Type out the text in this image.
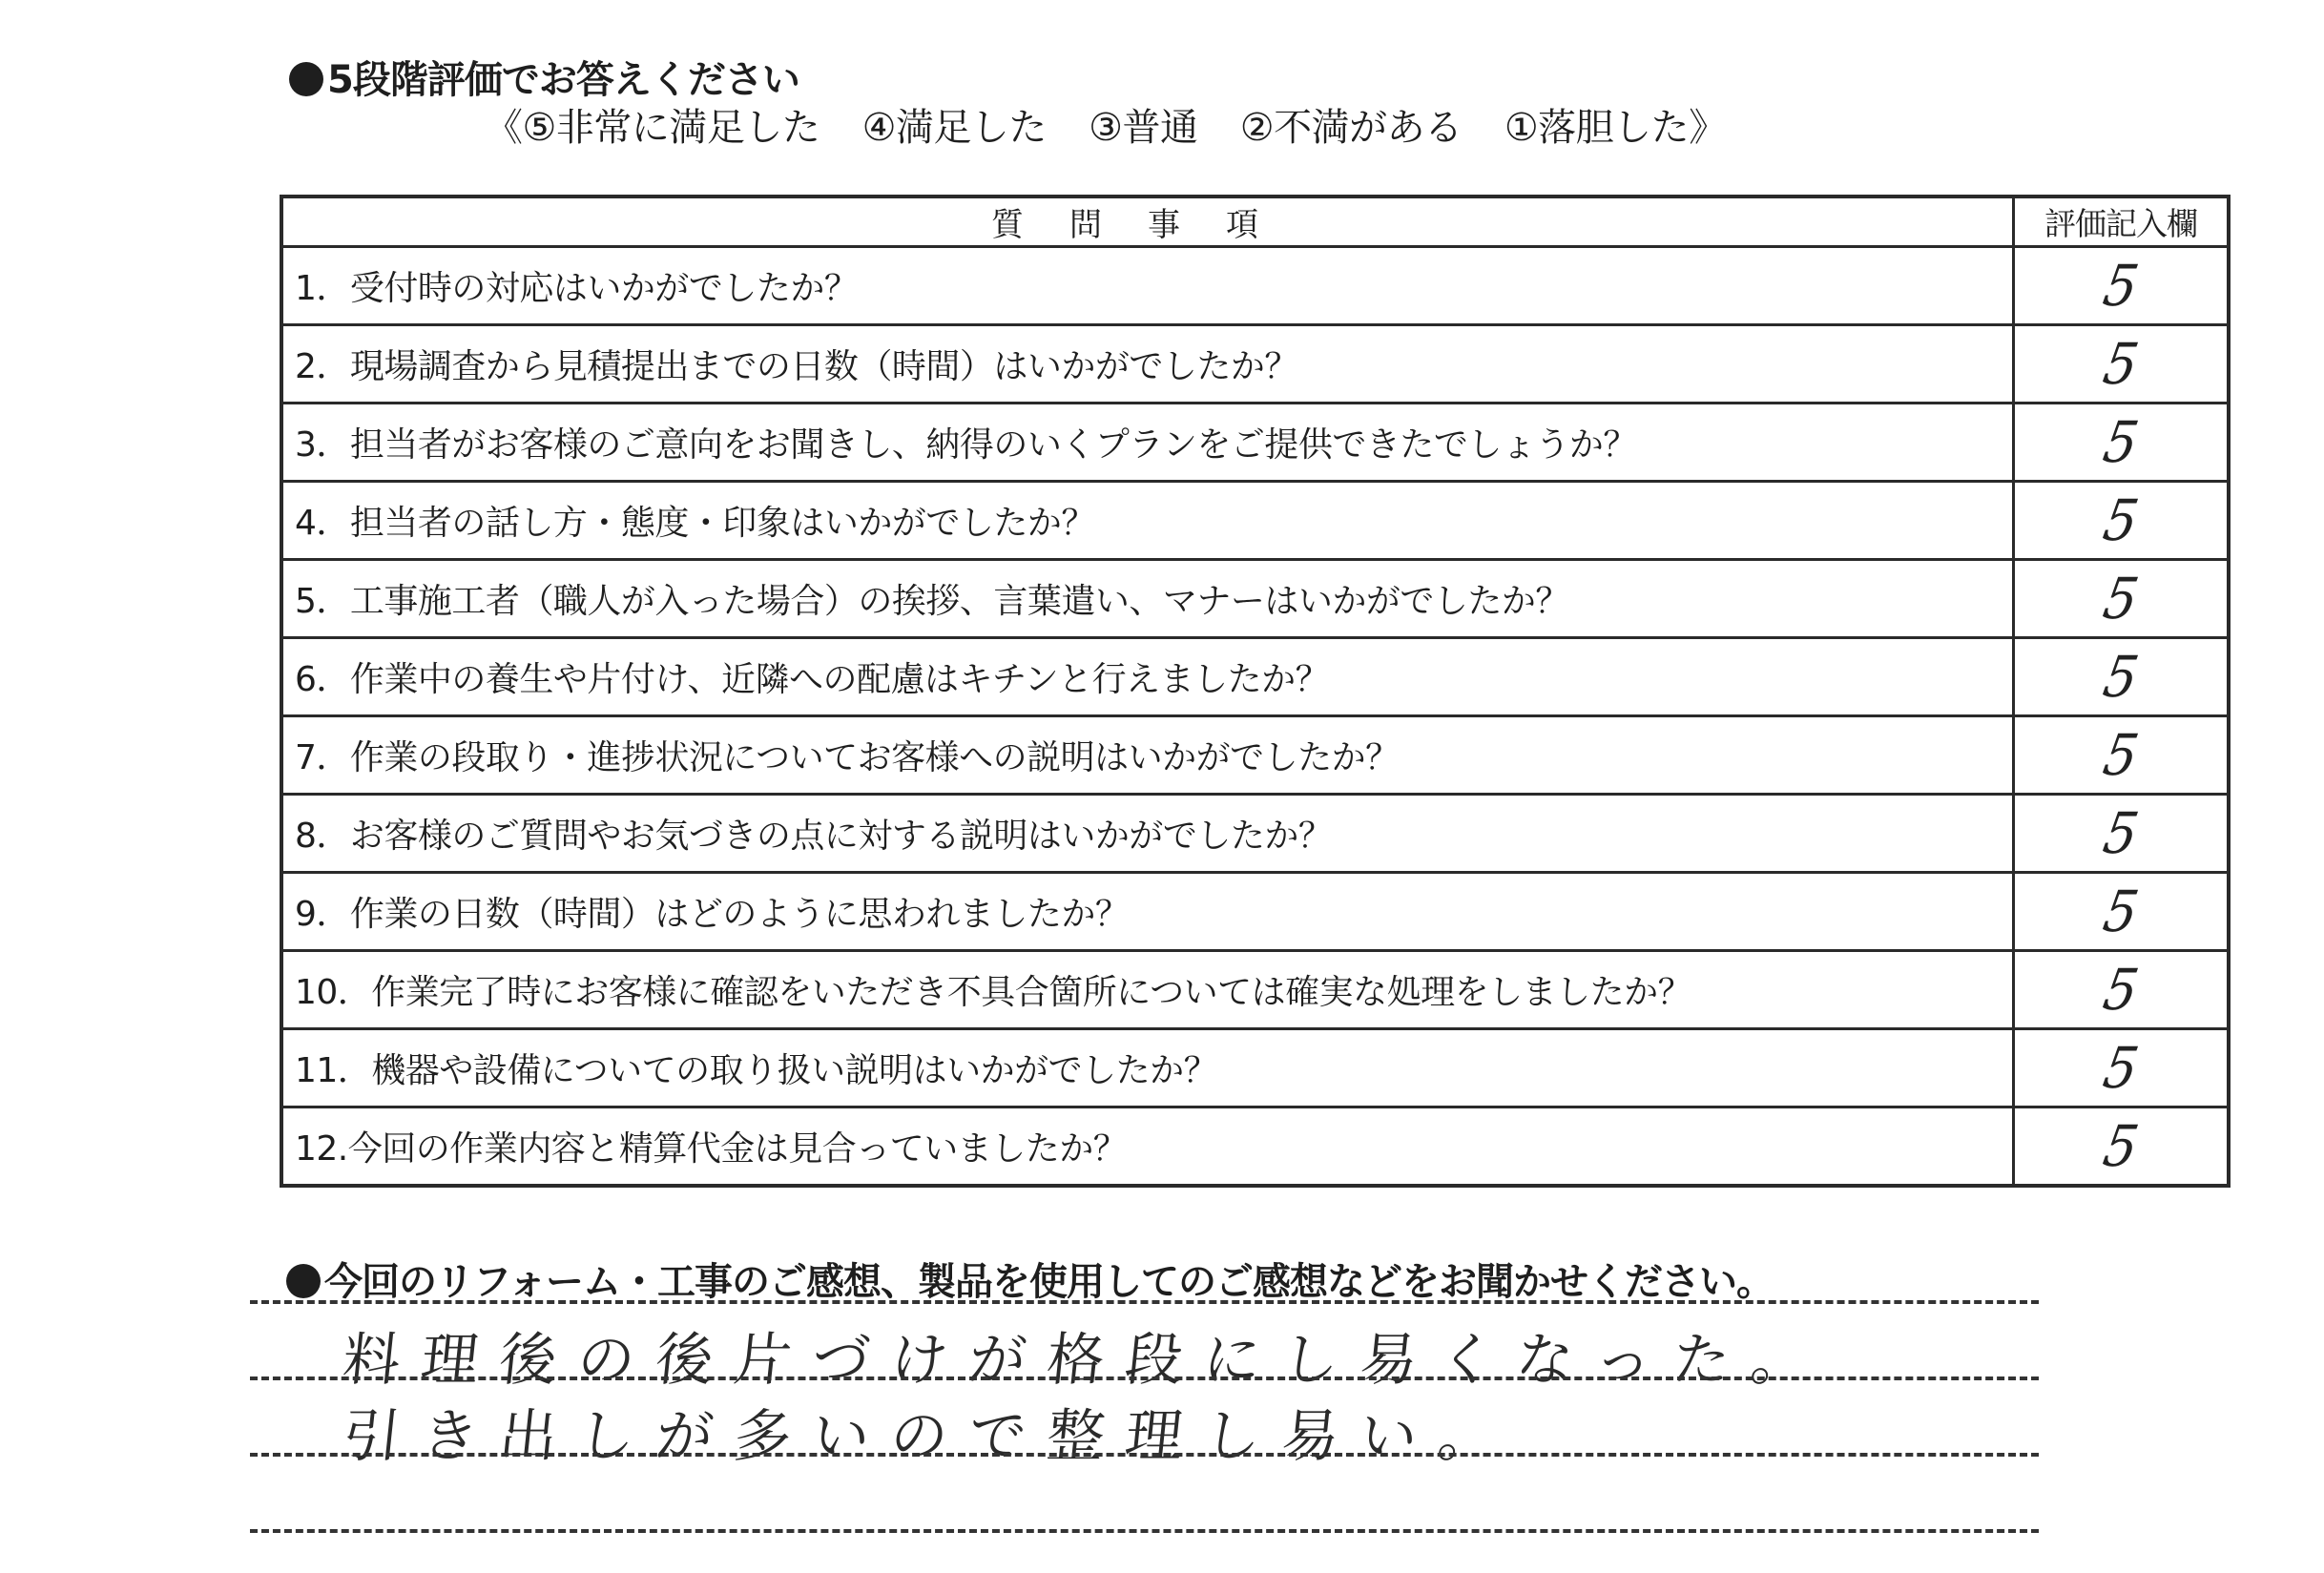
5段階評価でお答えください
《⑤非常に満足した ④満足した ③普通 ②不満がある ①落胆した》
質問事項	評価記入欄
1．受付時の対応はいかがでしたか？	5
2．現場調査から見積提出までの日数（時間）はいかがでしたか？	5
3．担当者がお客様のご意向をお聞きし、納得のいくプランをご提供できたでしょうか？	5
4．担当者の話し方・態度・印象はいかがでしたか？	5
5．工事施工者（職人が入った場合）の挨拶、言葉遣い、マナーはいかがでしたか？	5
6．作業中の養生や片付け、近隣への配慮はキチンと行えましたか？	5
7．作業の段取り・進捗状況についてお客様への説明はいかがでしたか？	5
8．お客様のご質問やお気づきの点に対する説明はいかがでしたか？	5
9．作業の日数（時間）はどのように思われましたか？	5
10．作業完了時にお客様に確認をいただき不具合箇所については確実な処理をしましたか？	5
11．機器や設備についての取り扱い説明はいかがでしたか？	5
12.今回の作業内容と精算代金は見合っていましたか？	5
今回のリフォーム・工事のご感想、製品を使用してのご感想などをお聞かせください。
料理後の後片づけが格段にし易くなった。
引き出しが多いので整理し易い。
